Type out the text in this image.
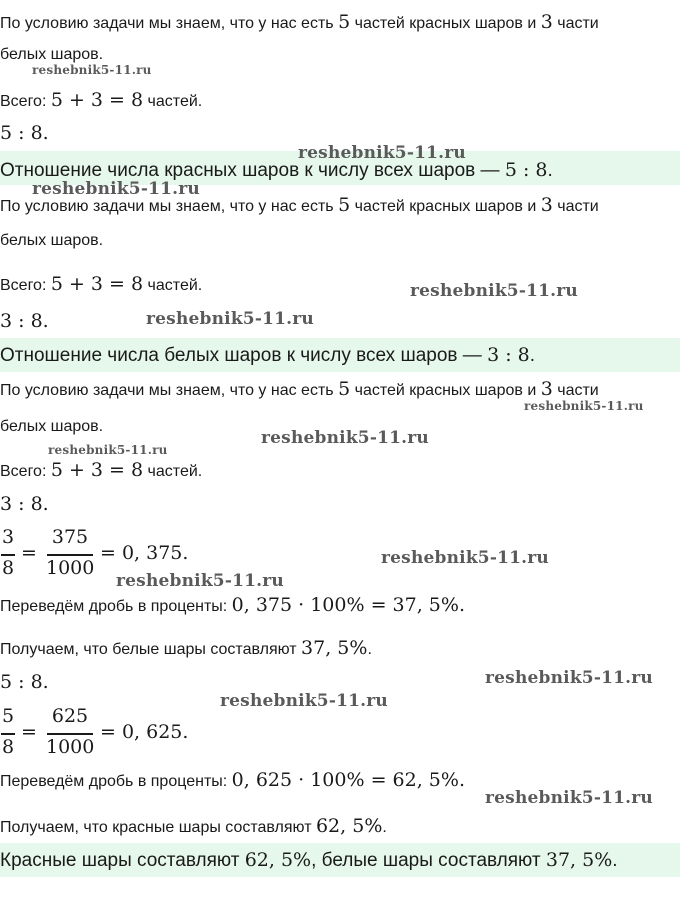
По условию задачи мы знаем, что у нас есть 5 частей красных шаров и 3 части
белых шаров.
Всего: 5 + 3 = 8 частей.
5 : 8.
Отношение числа красных шаров к числу всех шаров — 5 : 8.
По условию задачи мы знаем, что у нас есть 5 частей красных шаров и 3 части
белых шаров.
Всего: 5 + 3 = 8 частей.
3 : 8.
Отношение числа белых шаров к числу всех шаров — 3 : 8.
По условию задачи мы знаем, что у нас есть 5 частей красных шаров и 3 части
белых шаров.
Всего: 5 + 3 = 8 частей.
3 : 8.
3
8
=
375
1000
= 0, 375.
Переведём дробь в проценты: 0, 375 · 100% = 37, 5%.
Получаем, что белые шары составляют 37, 5%.
5 : 8.
5
8
=
625
1000
= 0, 625.
Переведём дробь в проценты: 0, 625 · 100% = 62, 5%.
Получаем, что красные шары составляют 62, 5%.
Красные шары составляют 62, 5%, белые шары составляют 37, 5%.
reshebnik5-11.ru
reshebnik5-11.ru
reshebnik5-11.ru
reshebnik5-11.ru
reshebnik5-11.ru
reshebnik5-11.ru
reshebnik5-11.ru
reshebnik5-11.ru
reshebnik5-11.ru
reshebnik5-11.ru
reshebnik5-11.ru
reshebnik5-11.ru
reshebnik5-11.ru
